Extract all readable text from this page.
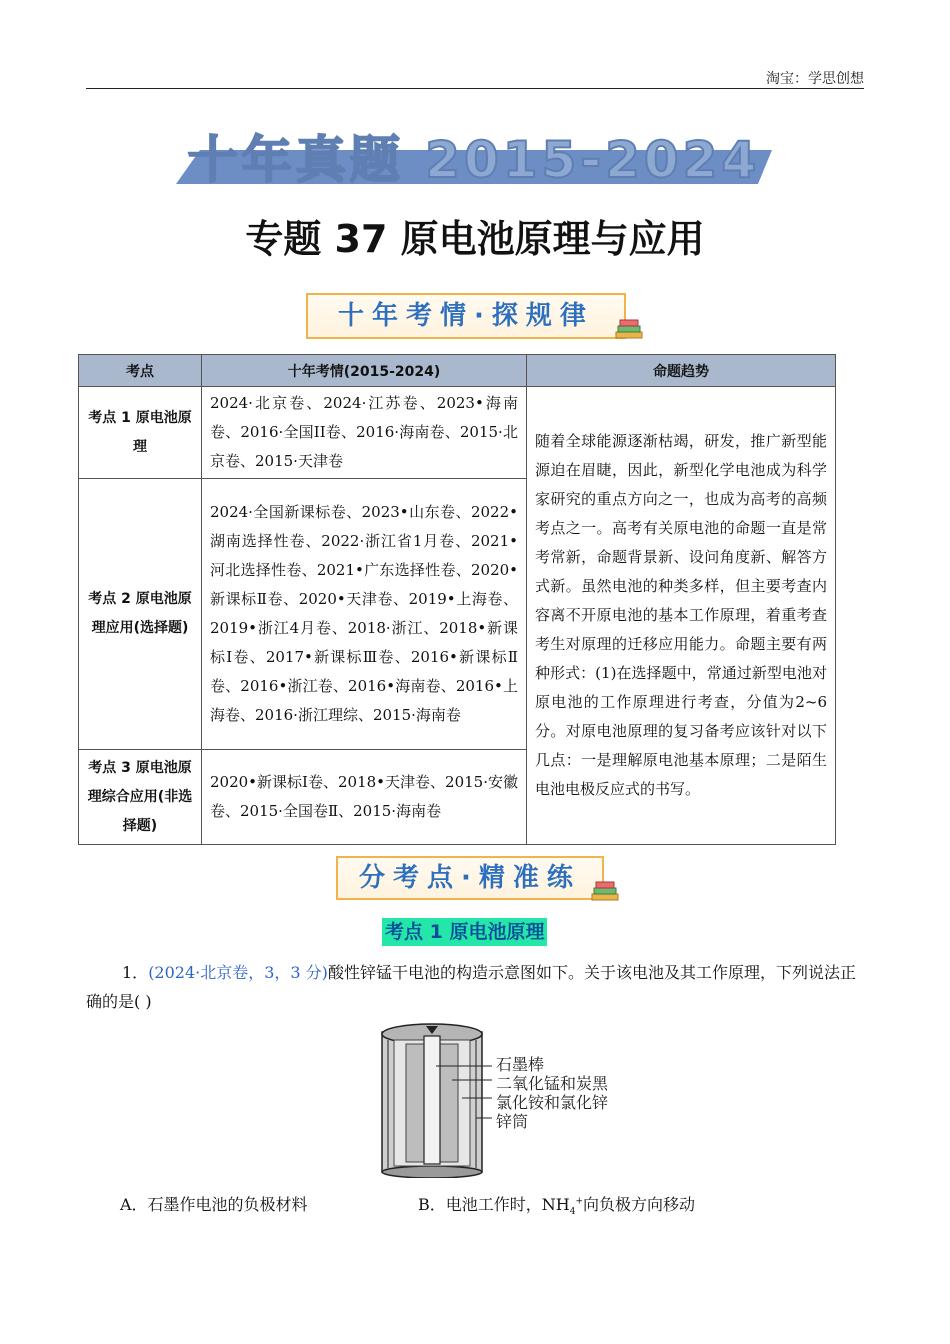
淘宝：学思创想
十年真题 2015-2024
专题 37 原电池原理与应用
十年考情·探规律
考点	十年考情(2015-2024)	命题趋势
考点 1 原电池原理	2024·北京卷、2024·江苏卷、2023•海南卷、2016·全国II卷、2016·海南卷、2015·北京卷、2015·天津卷	随着全球能源逐渐枯竭，研发，推广新型能源迫在眉睫，因此，新型化学电池成为科学家研究的重点方向之一，也成为高考的高频考点之一。高考有关原电池的命题一直是常考常新，命题背景新、设问角度新、解答方式新。虽然电池的种类多样，但主要考查内容离不开原电池的基本工作原理，着重考查考生对原理的迁移应用能力。命题主要有两种形式：(1)在选择题中，常通过新型电池对原电池的工作原理进行考查，分值为2~6分。对原电池原理的复习备考应该针对以下几点：一是理解原电池基本原理；二是陌生电池电极反应式的书写。
考点 2 原电池原理应用(选择题)	2024·全国新课标卷、2023•山东卷、2022•湖南选择性卷、2022·浙江省1月卷、2021•河北选择性卷、2021•广东选择性卷、2020•新课标Ⅱ卷、2020•天津卷、2019•上海卷、2019•浙江4月卷、2018·浙江、2018•新课标Ⅰ卷、2017•新课标Ⅲ卷、2016•新课标Ⅱ卷、2016•浙江卷、2016•海南卷、2016•上海卷、2016·浙江理综、2015·海南卷	
考点 3 原电池原理综合应用(非选择题)	2020•新课标Ⅰ卷、2018•天津卷、2015·安徽卷、2015·全国卷Ⅱ、2015·海南卷	
分考点·精准练
考点 1 原电池原理
1．(2024·北京卷，3，3 分)酸性锌锰干电池的构造示意图如下。关于该电池及其工作原理，下列说法正确的是( )
石墨棒
二氧化锰和炭黑
氯化铵和氯化锌
锌筒
A．石墨作电池的负极材料	B．电池工作时，$NH_4^+$向负极方向移动
